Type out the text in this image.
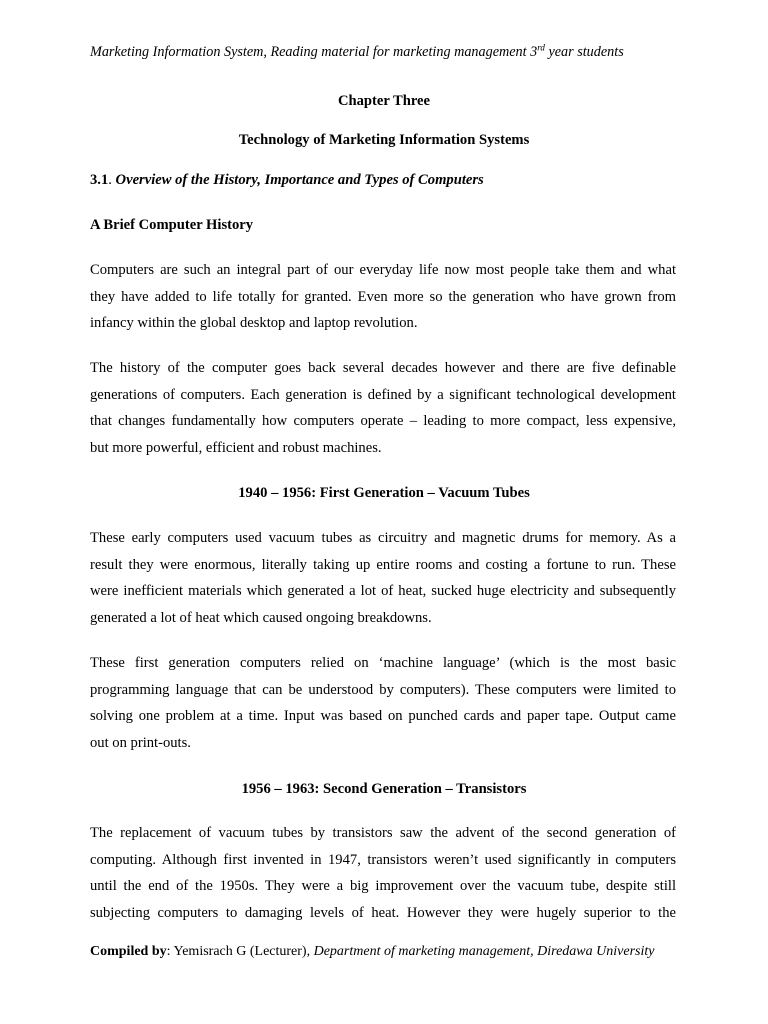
Marketing Information System, Reading material for marketing management 3rd year students
Chapter Three
Technology of Marketing Information Systems
3.1. Overview of the History, Importance and Types of Computers
A Brief Computer History
Computers are such an integral part of our everyday life now most people take them and what
they have added to life totally for granted. Even more so the generation who have grown from
infancy within the global desktop and laptop revolution.
The history of the computer goes back several decades however and there are five definable
generations of computers. Each generation is defined by a significant technological development
that changes fundamentally how computers operate – leading to more compact, less expensive,
but more powerful, efficient and robust machines.
1940 – 1956: First Generation – Vacuum Tubes
These early computers used vacuum tubes as circuitry and magnetic drums for memory. As a
result they were enormous, literally taking up entire rooms and costing a fortune to run. These
were inefficient materials which generated a lot of heat, sucked huge electricity and subsequently
generated a lot of heat which caused ongoing breakdowns.
These first generation computers relied on ‘machine language’ (which is the most basic
programming language that can be understood by computers). These computers were limited to
solving one problem at a time. Input was based on punched cards and paper tape. Output came
out on print-outs.
1956 – 1963: Second Generation – Transistors
The replacement of vacuum tubes by transistors saw the advent of the second generation of
computing. Although first invented in 1947, transistors weren’t used significantly in computers
until the end of the 1950s. They were a big improvement over the vacuum tube, despite still
subjecting computers to damaging levels of heat. However they were hugely superior to the
Compiled by: Yemisrach G (Lecturer), Department of marketing management, Diredawa University
